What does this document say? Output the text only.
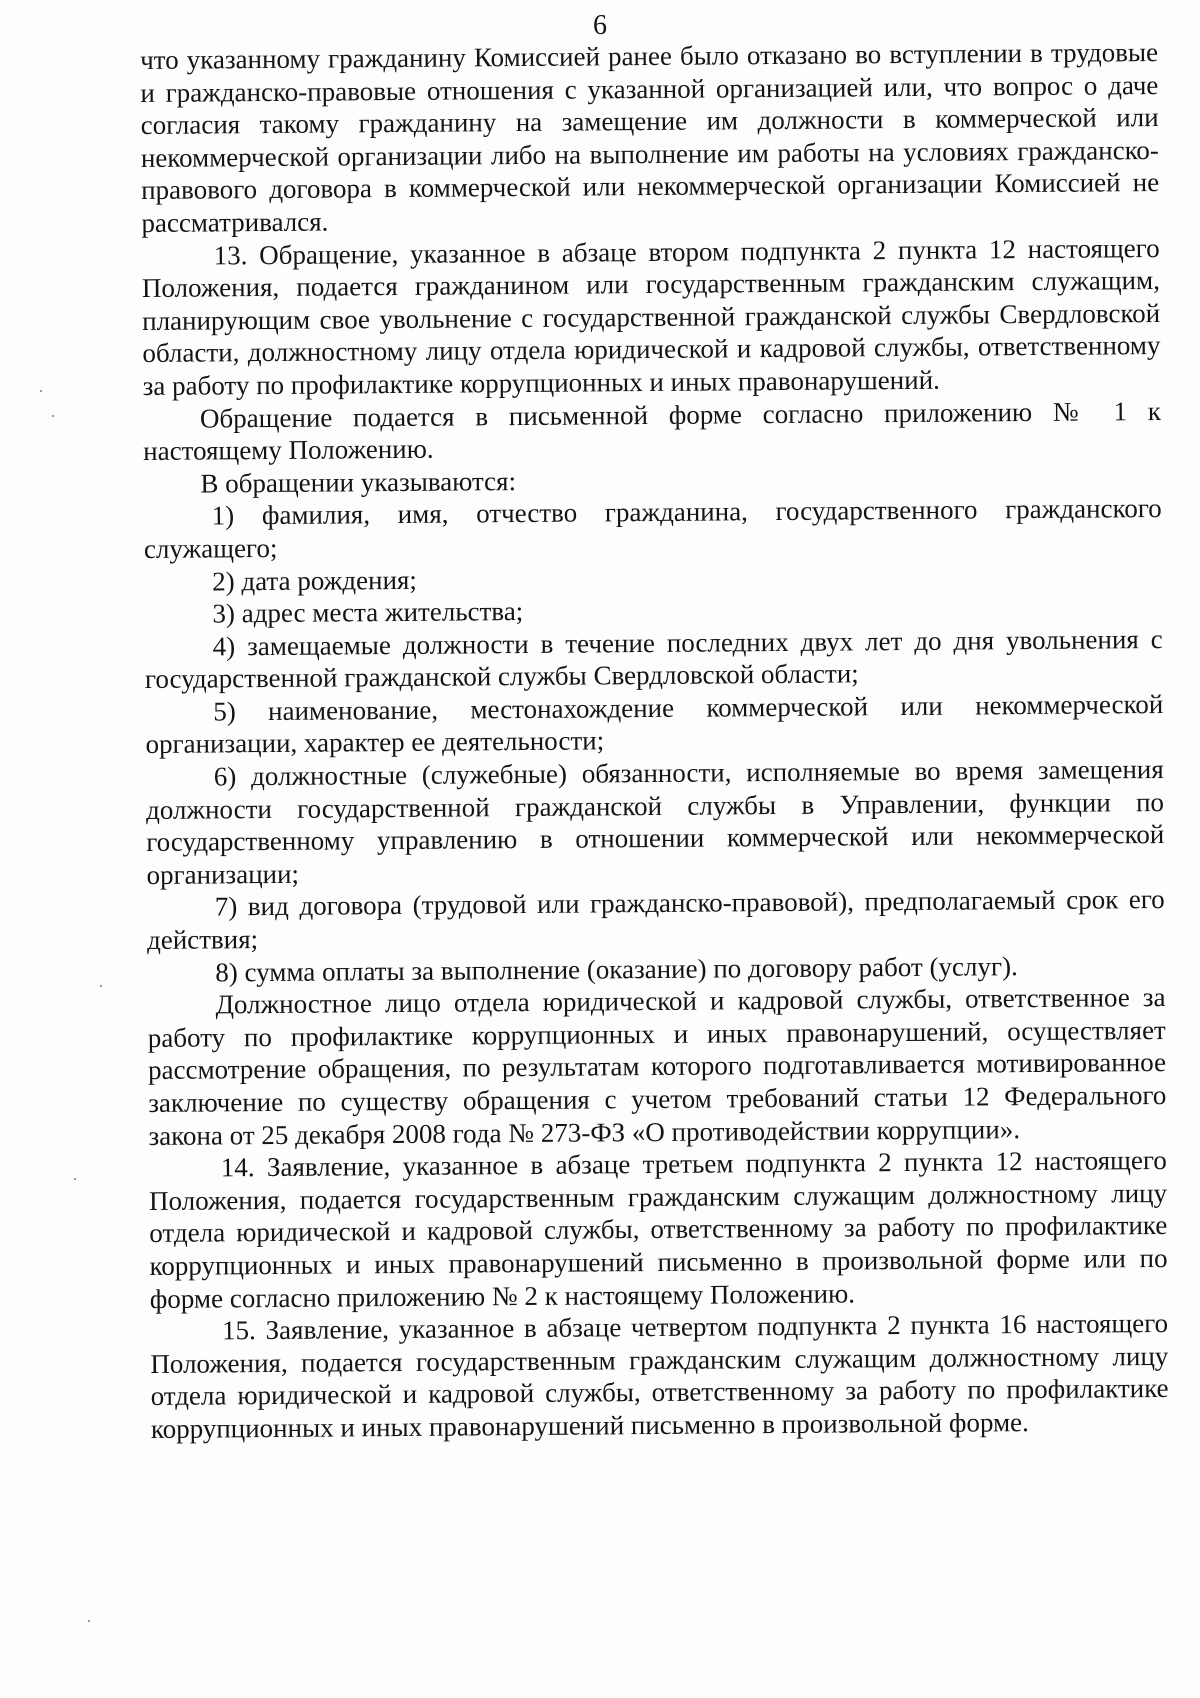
6

что указанному гражданину Комиссией ранее было отказано во вступлении в трудовые и гражданско-правовые отношения с указанной организацией или, что вопрос о даче согласия такому гражданину на замещение им должности в коммерческой или некоммерческой организации либо на выполнение им работы на условиях гражданско-правового договора в коммерческой или некоммерческой организации Комиссией не рассматривался.

13. Обращение, указанное в абзаце втором подпункта 2 пункта 12 настоящего Положения, подается гражданином или государственным гражданским служащим, планирующим свое увольнение с государственной гражданской службы Свердловской области, должностному лицу отдела юридической и кадровой службы, ответственному за работу по профилактике коррупционных и иных правонарушений.

Обращение подается в письменной форме согласно приложению № 1 к настоящему Положению.

В обращении указываются:

1) фамилия, имя, отчество гражданина, государственного гражданского служащего;

2) дата рождения;

3) адрес места жительства;

4) замещаемые должности в течение последних двух лет до дня увольнения с государственной гражданской службы Свердловской области;

5) наименование, местонахождение коммерческой или некоммерческой организации, характер ее деятельности;

6) должностные (служебные) обязанности, исполняемые во время замещения должности государственной гражданской службы в Управлении, функции по государственному управлению в отношении коммерческой или некоммерческой организации;

7) вид договора (трудовой или гражданско-правовой), предполагаемый срок его действия;

8) сумма оплаты за выполнение (оказание) по договору работ (услуг).

Должностное лицо отдела юридической и кадровой службы, ответственное за работу по профилактике коррупционных и иных правонарушений, осуществляет рассмотрение обращения, по результатам которого подготавливается мотивированное заключение по существу обращения с учетом требований статьи 12 Федерального закона от 25 декабря 2008 года № 273-ФЗ «О противодействии коррупции».

14. Заявление, указанное в абзаце третьем подпункта 2 пункта 12 настоящего Положения, подается государственным гражданским служащим должностному лицу отдела юридической и кадровой службы, ответственному за работу по профилактике коррупционных и иных правонарушений письменно в произвольной форме или по форме согласно приложению № 2 к настоящему Положению.

15. Заявление, указанное в абзаце четвертом подпункта 2 пункта 16 настоящего Положения, подается государственным гражданским служащим должностному лицу отдела юридической и кадровой службы, ответственному за работу по профилактике коррупционных и иных правонарушений письменно в произвольной форме.
